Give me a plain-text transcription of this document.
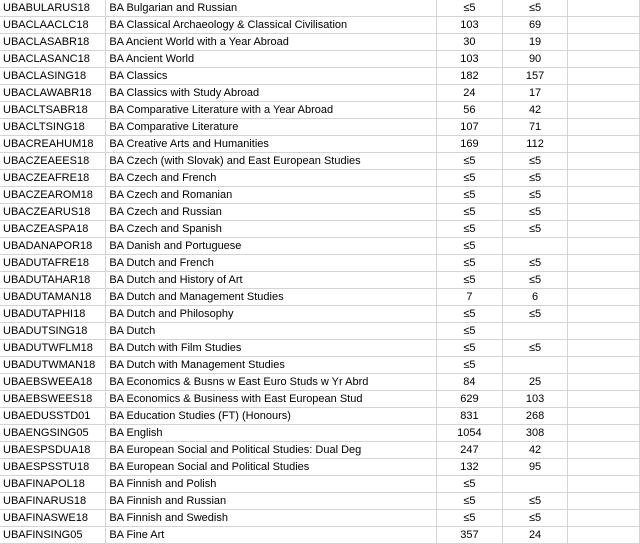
UBABULARUS18	BA Bulgarian and Russian	≤5	≤5	
UBACLAACLC18	BA Classical Archaeology & Classical Civilisation	103	69	
UBACLASABR18	BA Ancient World with a Year Abroad	30	19	
UBACLASANC18	BA Ancient World	103	90	
UBACLASING18	BA Classics	182	157	
UBACLAWABR18	BA Classics with Study Abroad	24	17	
UBACLTSABR18	BA Comparative Literature with a Year Abroad	56	42	
UBACLTSING18	BA Comparative Literature	107	71	
UBACREAHUM18	BA Creative Arts and Humanities	169	112	
UBACZEAEES18	BA Czech (with Slovak) and East European Studies	≤5	≤5	
UBACZEAFRE18	BA Czech and French	≤5	≤5	
UBACZEAROM18	BA Czech and Romanian	≤5	≤5	
UBACZEARUS18	BA Czech and Russian	≤5	≤5	
UBACZEASPA18	BA Czech and Spanish	≤5	≤5	
UBADANAPOR18	BA Danish and Portuguese	≤5		
UBADUTAFRE18	BA Dutch and French	≤5	≤5	
UBADUTAHAR18	BA Dutch and History of Art	≤5	≤5	
UBADUTAMAN18	BA Dutch and Management Studies	7	6	
UBADUTAPHI18	BA Dutch and Philosophy	≤5	≤5	
UBADUTSING18	BA Dutch	≤5		
UBADUTWFLM18	BA Dutch with Film Studies	≤5	≤5	
UBADUTWMAN18	BA Dutch with Management Studies	≤5		
UBAEBSWEEA18	BA Economics & Busns w East Euro Studs w Yr Abrd	84	25	
UBAEBSWEES18	BA Economics & Business with East European Stud	629	103	
UBAEDUSSTD01	BA Education Studies (FT) (Honours)	831	268	
UBAENGSING05	BA English	1054	308	
UBAESPSDUA18	BA European Social and Political Studies: Dual Deg	247	42	
UBAESPSSTU18	BA European Social and Political Studies	132	95	
UBAFINAPOL18	BA Finnish and Polish	≤5		
UBAFINARUS18	BA Finnish and Russian	≤5	≤5	
UBAFINASWE18	BA Finnish and Swedish	≤5	≤5	
UBAFINSING05	BA Fine Art	357	24	
